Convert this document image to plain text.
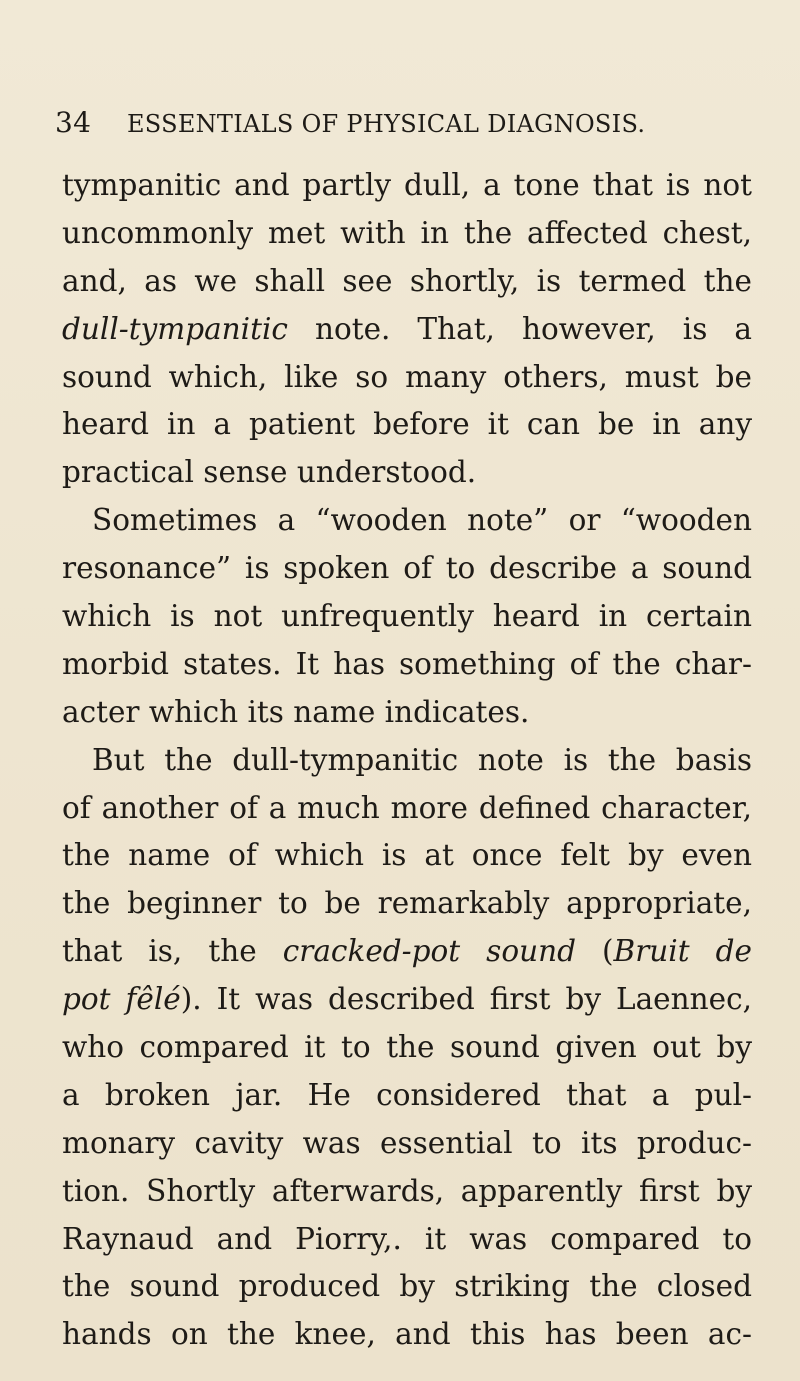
34 ESSENTIALS OF PHYSICAL DIAGNOSIS.
tympanitic and partly dull, a tone that is not
uncommonly met with in the affected chest,
and, as we shall see shortly, is termed the
dull-tympanitic note. That, however, is a
sound which, like so many others, must be
heard in a patient before it can be in any
practical sense understood.
Sometimes a “wooden note” or “wooden
resonance” is spoken of to describe a sound
which is not unfrequently heard in certain
morbid states. It has something of the char-
acter which its name indicates.
But the dull-tympanitic note is the basis
of another of a much more defined character,
the name of which is at once felt by even
the beginner to be remarkably appropriate,
that is, the cracked-pot sound (Bruit de
pot fêlé). It was described first by Laennec,
who compared it to the sound given out by
a broken jar. He considered that a pul-
monary cavity was essential to its produc-
tion. Shortly afterwards, apparently first by
Raynaud and Piorry,. it was compared to
the sound produced by striking the closed
hands on the knee, and this has been ac-
